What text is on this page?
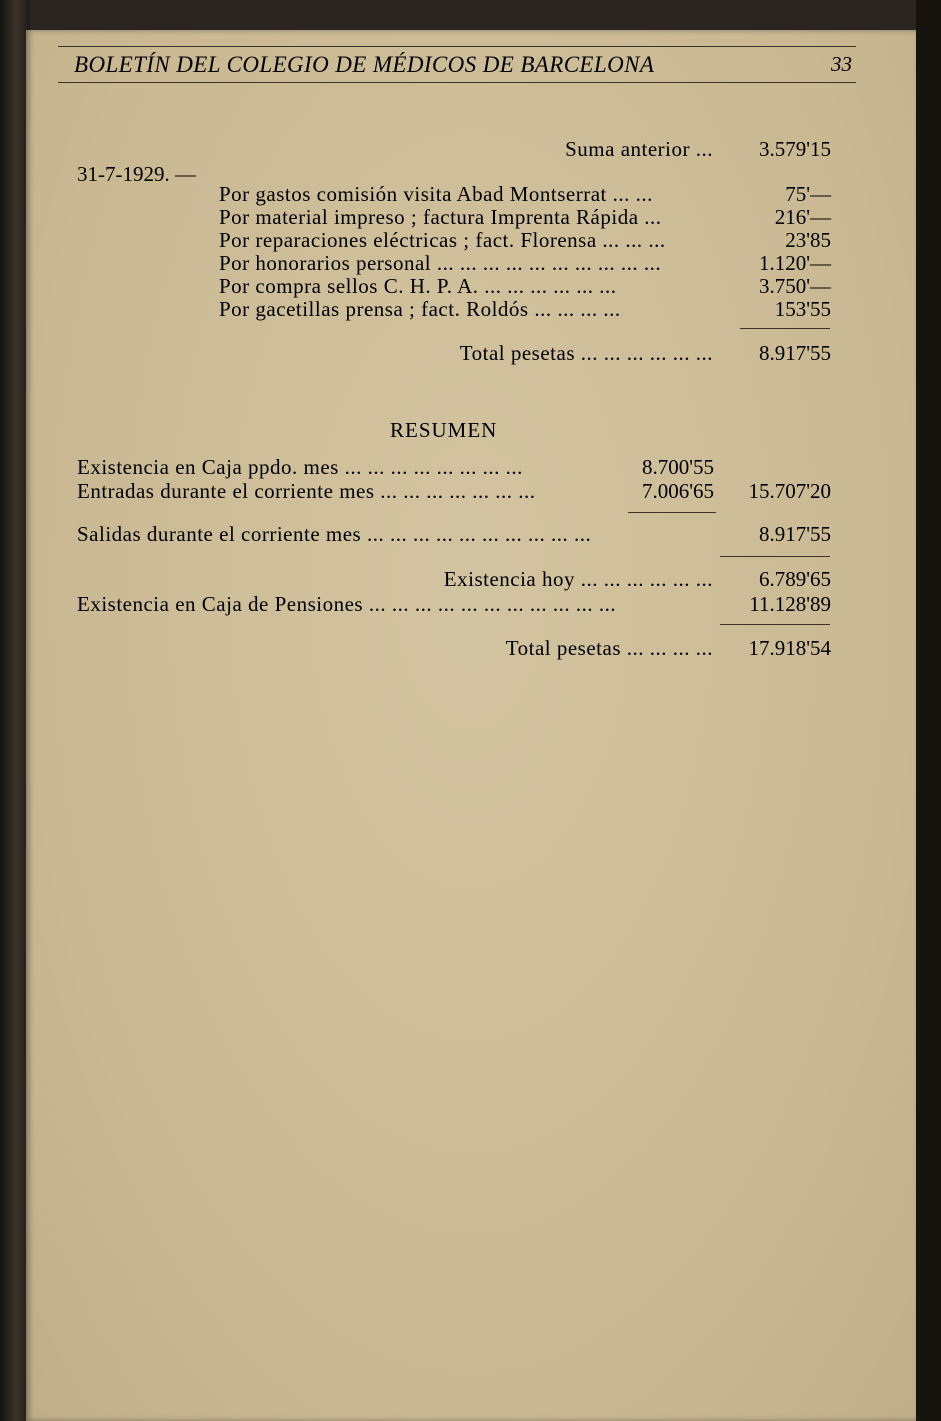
BOLETÍN DEL COLEGIO DE MÉDICOS DE BARCELONA	33
Suma anterior ... 3.579'15
31-7-1929. —
Por gastos comisión visita Abad Montserrat ... ...	75'—
Por material impreso ; factura Imprenta Rápida ...	216'—
Por reparaciones eléctricas ; fact. Florensa ... ... ...	23'85
Por honorarios personal ... ... ... ... ... ... ... ... ... ...	1.120'—
Por compra sellos C. H. P. A. ... ... ... ... ... ...	3.750'—
Por gacetillas prensa ; fact. Roldós ... ... ... ...	153'55
Total pesetas ... ... ... ... ... ... 8.917'55
RESUMEN
Existencia en Caja ppdo. mes ... ... ... ... ... ... ... ...	8.700'55
Entradas durante el corriente mes ... ... ... ... ... ... ...	7.006'65 15.707'20
Salidas durante el corriente mes ... ... ... ... ... ... ... ... ... ...	8.917'55
Existencia hoy ... ... ... ... ... ... 6.789'65
Existencia en Caja de Pensiones ... ... ... ... ... ... ... ... ... ... ...	11.128'89
Total pesetas ... ... ... ... 17.918'54
